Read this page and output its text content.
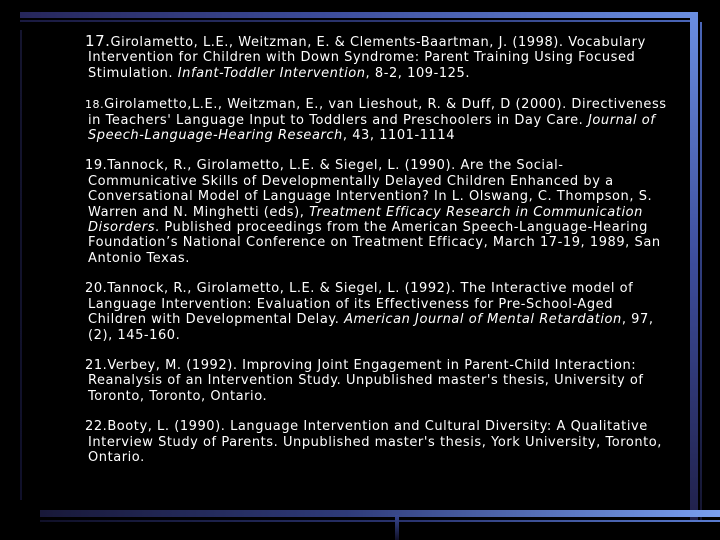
17.Girolametto, L.E., Weitzman, E. & Clements-Baartman, J. (1998). Vocabulary Intervention for Children with Down Syndrome: Parent Training Using Focused Stimulation. Infant-Toddler Intervention, 8-2, 109-125.

18.Girolametto,L.E., Weitzman, E., van Lieshout, R. & Duff, D (2000). Directiveness in Teachers' Language Input to Toddlers and Preschoolers in Day Care. Journal of Speech-Language-Hearing Research, 43, 1101-1114

19.Tannock, R., Girolametto, L.E. & Siegel, L. (1990). Are the Social-Communicative Skills of Developmentally Delayed Children Enhanced by a Conversational Model of Language Intervention? In L. Olswang, C. Thompson, S. Warren and N. Minghetti (eds), Treatment Efficacy Research in Communication Disorders. Published proceedings from the American Speech-Language-Hearing Foundation’s National Conference on Treatment Efficacy, March 17-19, 1989, San Antonio Texas.

20.Tannock, R., Girolametto, L.E. & Siegel, L. (1992). The Interactive model of Language Intervention: Evaluation of its Effectiveness for Pre-School-Aged Children with Developmental Delay. American Journal of Mental Retardation, 97, (2), 145-160.

21.Verbey, M. (1992). Improving Joint Engagement in Parent-Child Interaction: Reanalysis of an Intervention Study. Unpublished master's thesis, University of Toronto, Toronto, Ontario.

22.Booty, L. (1990). Language Intervention and Cultural Diversity: A Qualitative Interview Study of Parents. Unpublished master's thesis, York University, Toronto, Ontario.
